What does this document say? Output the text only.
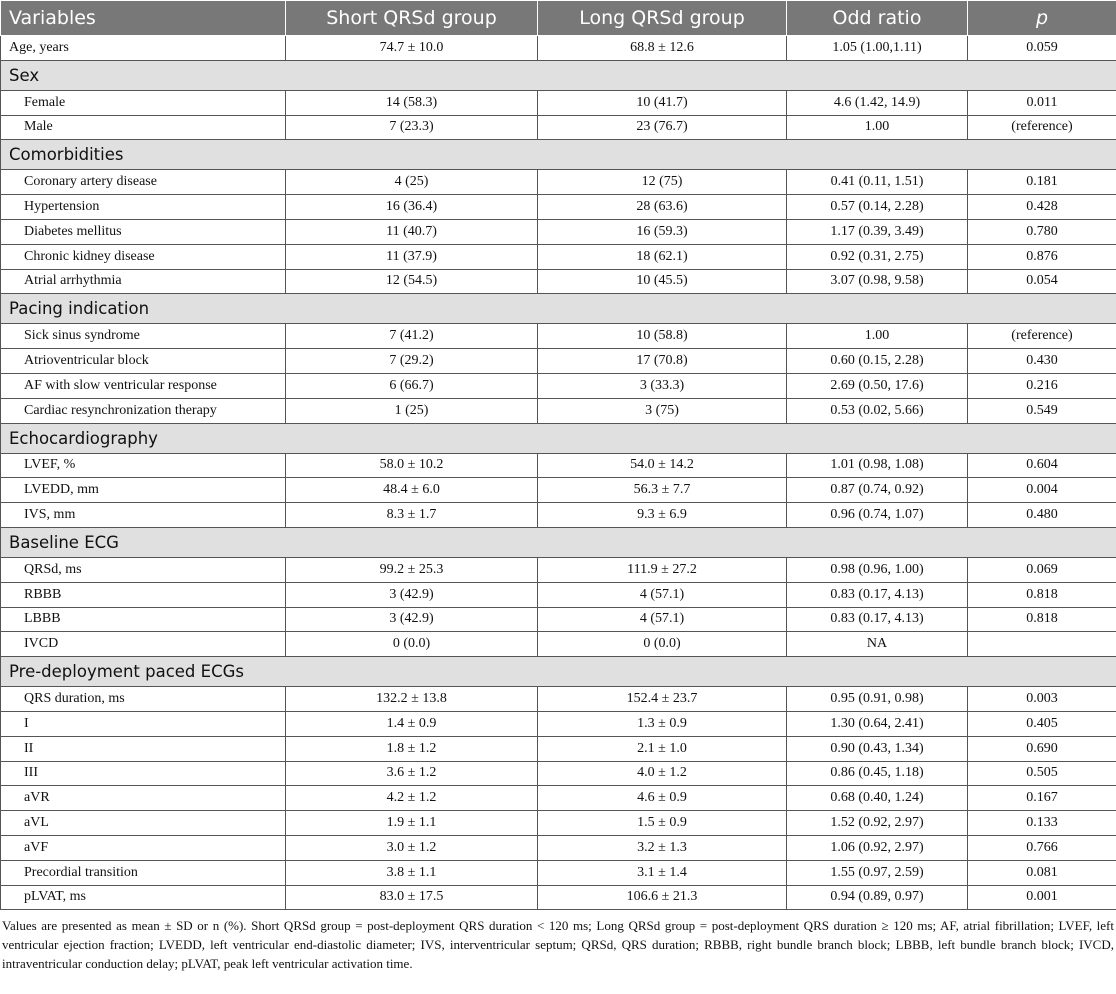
Variables	Short QRSd group	Long QRSd group	Odd ratio	p
Age, years	74.7 ± 10.0	68.8 ± 12.6	1.05 (1.00,1.11)	0.059
Sex				
Female	14 (58.3)	10 (41.7)	4.6 (1.42, 14.9)	0.011
Male	7 (23.3)	23 (76.7)	1.00	(reference)
Comorbidities				
Coronary artery disease	4 (25)	12 (75)	0.41 (0.11, 1.51)	0.181
Hypertension	16 (36.4)	28 (63.6)	0.57 (0.14, 2.28)	0.428
Diabetes mellitus	11 (40.7)	16 (59.3)	1.17 (0.39, 3.49)	0.780
Chronic kidney disease	11 (37.9)	18 (62.1)	0.92 (0.31, 2.75)	0.876
Atrial arrhythmia	12 (54.5)	10 (45.5)	3.07 (0.98, 9.58)	0.054
Pacing indication				
Sick sinus syndrome	7 (41.2)	10 (58.8)	1.00	(reference)
Atrioventricular block	7 (29.2)	17 (70.8)	0.60 (0.15, 2.28)	0.430
AF with slow ventricular response	6 (66.7)	3 (33.3)	2.69 (0.50, 17.6)	0.216
Cardiac resynchronization therapy	1 (25)	3 (75)	0.53 (0.02, 5.66)	0.549
Echocardiography				
LVEF, %	58.0 ± 10.2	54.0 ± 14.2	1.01 (0.98, 1.08)	0.604
LVEDD, mm	48.4 ± 6.0	56.3 ± 7.7	0.87 (0.74, 0.92)	0.004
IVS, mm	8.3 ± 1.7	9.3 ± 6.9	0.96 (0.74, 1.07)	0.480
Baseline ECG				
QRSd, ms	99.2 ± 25.3	111.9 ± 27.2	0.98 (0.96, 1.00)	0.069
RBBB	3 (42.9)	4 (57.1)	0.83 (0.17, 4.13)	0.818
LBBB	3 (42.9)	4 (57.1)	0.83 (0.17, 4.13)	0.818
IVCD	0 (0.0)	0 (0.0)	NA	
Pre-deployment paced ECGs				
QRS duration, ms	132.2 ± 13.8	152.4 ± 23.7	0.95 (0.91, 0.98)	0.003
I	1.4 ± 0.9	1.3 ± 0.9	1.30 (0.64, 2.41)	0.405
II	1.8 ± 1.2	2.1 ± 1.0	0.90 (0.43, 1.34)	0.690
III	3.6 ± 1.2	4.0 ± 1.2	0.86 (0.45, 1.18)	0.505
aVR	4.2 ± 1.2	4.6 ± 0.9	0.68 (0.40, 1.24)	0.167
aVL	1.9 ± 1.1	1.5 ± 0.9	1.52 (0.92, 2.97)	0.133
aVF	3.0 ± 1.2	3.2 ± 1.3	1.06 (0.92, 2.97)	0.766
Precordial transition	3.8 ± 1.1	3.1 ± 1.4	1.55 (0.97, 2.59)	0.081
pLVAT, ms	83.0 ± 17.5	106.6 ± 21.3	0.94 (0.89, 0.97)	0.001
Values are presented as mean ± SD or n (%). Short QRSd group = post-deployment QRS duration < 120 ms; Long QRSd group = post-deployment QRS duration ≥ 120 ms; AF, atrial fibrillation; LVEF, left ventricular ejection fraction; LVEDD, left ventricular end-diastolic diameter; IVS, interventricular septum; QRSd, QRS duration; RBBB, right bundle branch block; LBBB, left bundle branch block; IVCD, intraventricular conduction delay; pLVAT, peak left ventricular activation time.
